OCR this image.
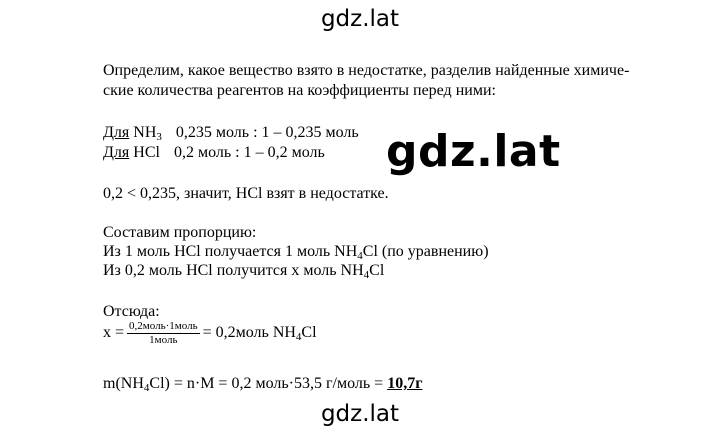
gdz.lat
gdz.lat
gdz.lat
Определим, какое вещество взято в недостатке, разделив найденные химиче-
ские количества реагентов на коэффициенты перед ними:
Для $NH_3$ 0,235 моль : 1 – 0,235 моль
Для HCl 0,2 моль : 1 – 0,2 моль
0,2 < 0,235, значит, HCl взят в недостатке.
Составим пропорцию:
Из 1 моль HCl получается 1 моль $NH_4Cl$ (по уравнению)
Из 0,2 моль HCl получится x моль $NH_4Cl$
Отсюда:
$x = \frac{\text{0,2моль·1моль}}{\text{1моль}}$ = 0,2моль $NH_4Cl$
$m(NH_4Cl) = n\cdot M = 0,2$ моль·53,5 г/моль = 10,7г
